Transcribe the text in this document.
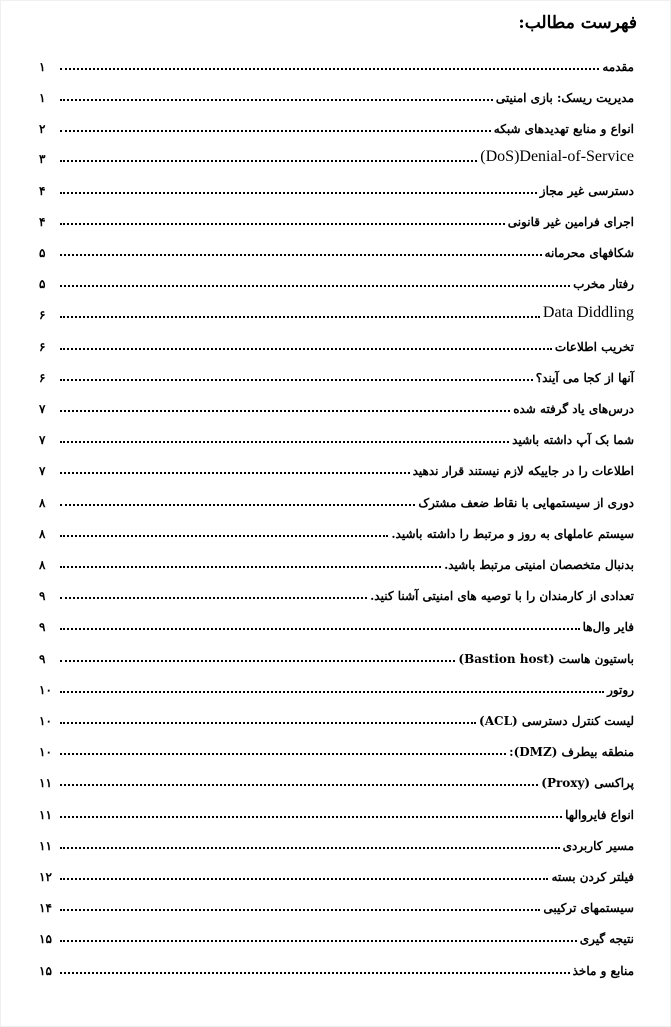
فهرست مطالب:
مقدمه
۱
مدیریت ریسک: بازی امنیتی
۱
انواع و منابع تهدیدهای شبکه
۲
(DoS)Denial-of-Service
۳
دسترسی غیر مجاز
۴
اجرای فرامین غیر قانونی
۴
شکافهای محرمانه
۵
رفتار مخرب
۵
Data Diddling
۶
تخریب اطلاعات
۶
آنها از کجا می آیند؟
۶
درس‌های یاد گرفته شده
۷
شما بک آپ داشته باشید
۷
اطلاعات را در جاییکه لازم نیستند قرار ندهید
۷
دوری از سیستمهایی با نقاط ضعف مشترک
۸
سیستم عاملهای به روز و مرتبط را داشته باشید.
۸
بدنبال متخصصان امنیتی مرتبط باشید.
۸
تعدادی از کارمندان را با توصیه های امنیتی آشنا کنید.
۹
فایر وال‌ها
۹
باستیون هاست (Bastion host)
۹
روتور
۱۰
لیست کنترل دسترسی (ACL)
۱۰
منطقه بیطرف (DMZ):
۱۰
پراکسی (Proxy)
۱۱
انواع فایروالها
۱۱
مسیر کاربردی
۱۱
فیلتر کردن بسته
۱۲
سیستمهای ترکیبی
۱۴
نتیجه گیری
۱۵
منابع و ماخذ
۱۵
